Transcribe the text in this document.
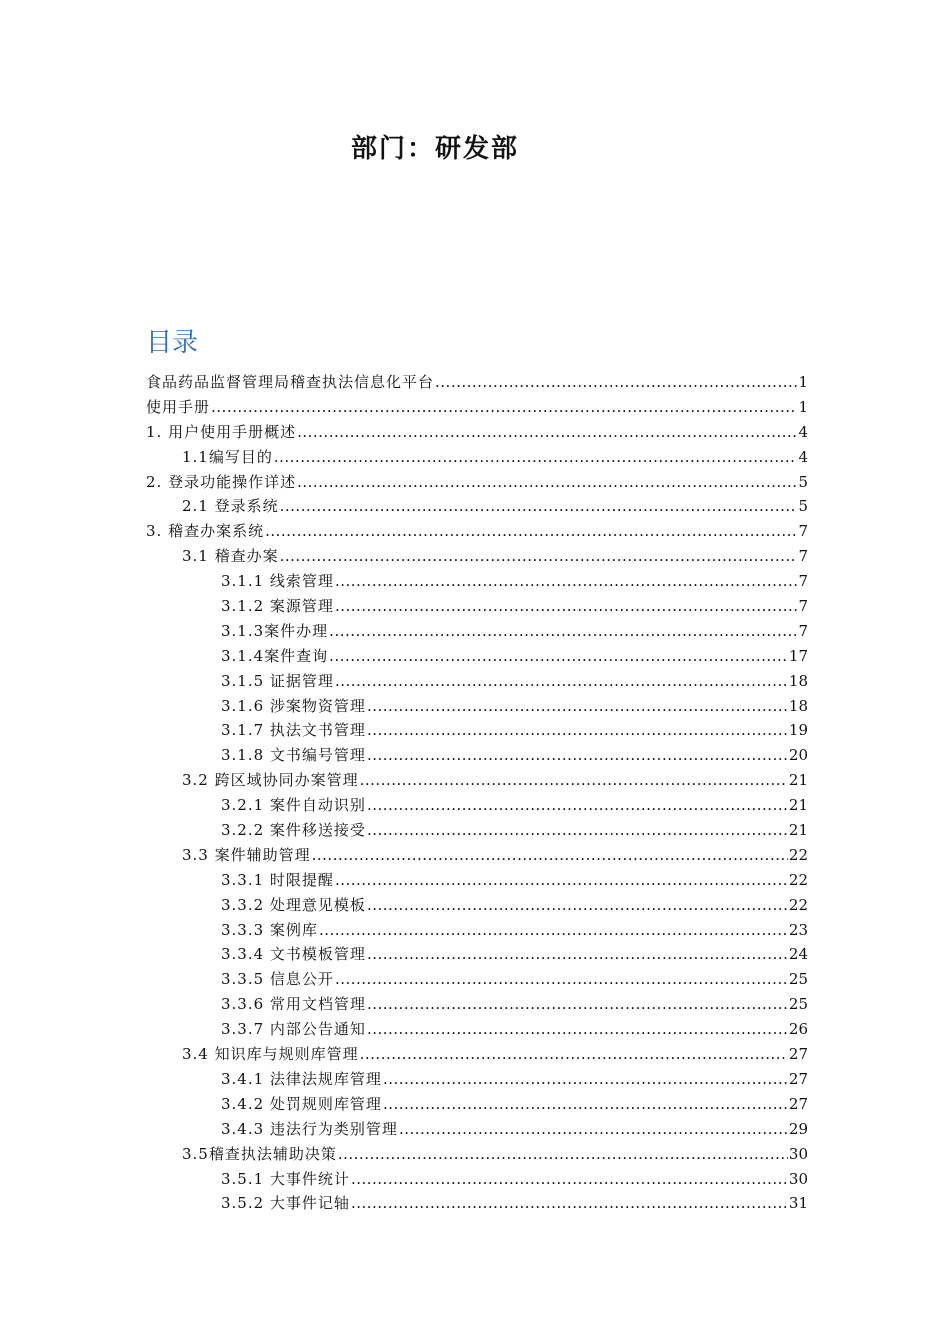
部门：研发部
目录
食品药品监督管理局稽查执法信息化平台 .....	1
使用手册 .....	1
1. 用户使用手册概述 .....	4
1.1编写目的 .....	4
2. 登录功能操作详述 .....	5
2.1 登录系统 .....	5
3. 稽查办案系统 .....	7
3.1 稽查办案 .....	7
3.1.1 线索管理 .....	7
3.1.2 案源管理 .....	7
3.1.3案件办理 .....	7
3.1.4案件查询 .....	17
3.1.5 证据管理 .....	18
3.1.6 涉案物资管理 .....	18
3.1.7 执法文书管理 .....	19
3.1.8 文书编号管理 .....	20
3.2 跨区域协同办案管理 .....	21
3.2.1 案件自动识别 .....	21
3.2.2 案件移送接受 .....	21
3.3 案件辅助管理 .....	22
3.3.1 时限提醒 .....	22
3.3.2 处理意见模板 .....	22
3.3.3 案例库 .....	23
3.3.4 文书模板管理 .....	24
3.3.5 信息公开 .....	25
3.3.6 常用文档管理 .....	25
3.3.7 内部公告通知 .....	26
3.4 知识库与规则库管理 .....	27
3.4.1 法律法规库管理 .....	27
3.4.2 处罚规则库管理 .....	27
3.4.3 违法行为类别管理 .....	29
3.5稽查执法辅助决策 .....	30
3.5.1 大事件统计 .....	30
3.5.2 大事件记轴 .....	31
